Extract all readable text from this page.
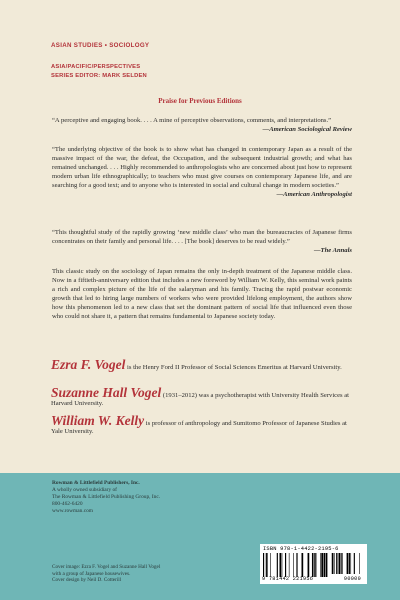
ASIAN STUDIES • SOCIOLOGY
ASIA/PACIFIC/PERSPECTIVES
SERIES EDITOR: MARK SELDEN
Praise for Previous Editions
“A perceptive and engaging book. . . . A mine of perceptive observations, comments, and interpretations.”
—American Sociological Review
“The underlying objective of the book is to show what has changed in contemporary Japan as a result of the massive impact of the war, the defeat, the Occupation, and the subsequent industrial growth; and what has remained unchanged. . . . Highly recommended to anthropologists who are concerned about just how to represent modern urban life ethnographically; to teachers who must give courses on contemporary Japanese life, and are searching for a good text; and to anyone who is interested in social and cultural change in modern societies.”
—American Anthropologist
“This thoughtful study of the rapidly growing ‘new middle class’ who man the bureaucracies of Japanese firms concentrates on their family and personal life. . . . [The book] deserves to be read widely.”
—The Annals
This classic study on the sociology of Japan remains the only in-depth treatment of the Japanese middle class. Now in a fiftieth-anniversary edition that includes a new foreword by William W. Kelly, this seminal work paints a rich and complex picture of the life of the salaryman and his family. Tracing the rapid postwar economic growth that led to hiring large numbers of workers who were provided lifelong employment, the authors show how this phenomenon led to a new class that set the dominant pattern of social life that influenced even those who could not share it, a pattern that remains fundamental to Japanese society today.
Ezra F. Vogel is the Henry Ford II Professor of Social Sciences Emeritus at Harvard University.
Suzanne Hall Vogel (1931–2012) was a psychotherapist with University Health Services at Harvard University.
William W. Kelly is professor of anthropology and Sumitomo Professor of Japanese Studies at Yale University.
Rowman & Littlefield Publishers, Inc.
A wholly owned subsidiary of
The Rowman & Littlefield Publishing Group, Inc.
800-462-6420
www.rowman.com
Cover image: Ezra F. Vogel and Suzanne Hall Vogel
with a group of Japanese housewives.
Cover design by Neil D. Cotterill
ISBN 978-1-4422-2195-6
9 781442 221956	90000
